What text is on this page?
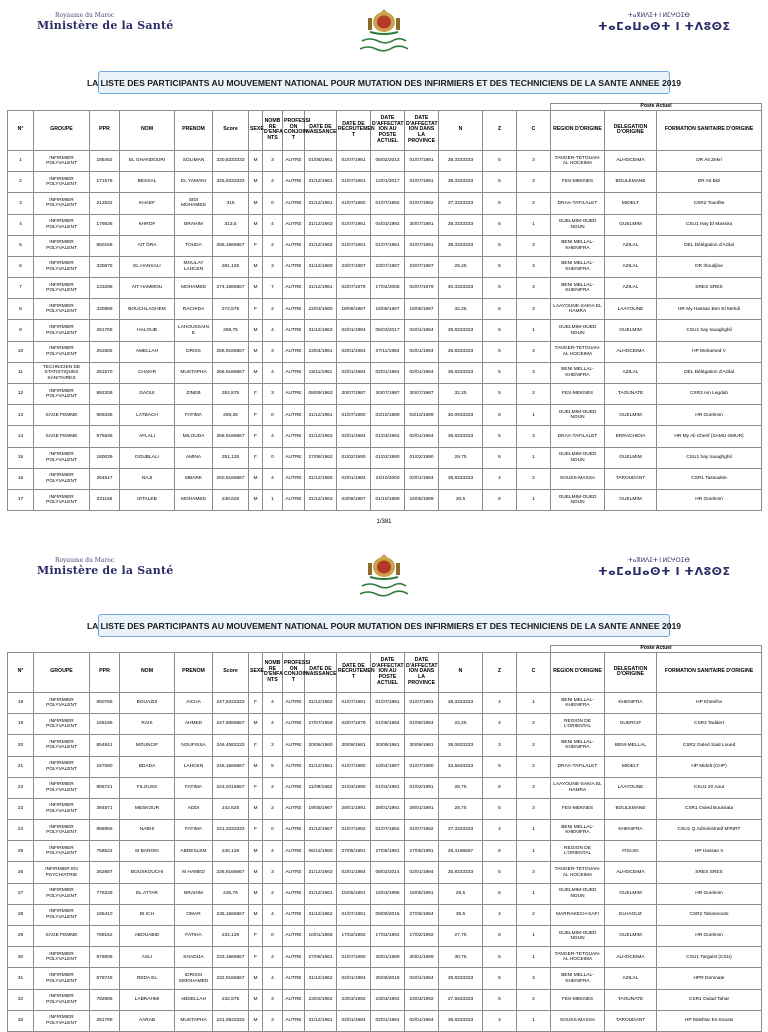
Royaume du Maroc
Ministère de la Santé
ⵜⴰⴳⵍⴷⵉⵜ ⵏ ⵍⵎⵖⵔⵉⴱ
ⵜⴰⵎⴰⵡⴰⵙⵜ ⵏ ⵜⴷⵓⵙⵉ
LA LISTE DES PARTICIPANTS AU MOUVEMENT NATIONAL POUR MUTATION DES INFIRMIERS ET DES TECHNICIENS DE LA SANTE ANNEE 2019
																Poste Actuel		
N°	GROUPE	PPR	NOM	PRENOM	Score	SEXE	NOMB RE D'ENFA NTS	PROFESSI ON CONJOIN T	DATE DE NAISSANCE	DATE DE RECRUTEMEN T	DATE D'AFFECTAT ION AU POSTE ACTUEL	DATE D'AFFECTAT ION DANS LA PROVINCE	N	Z	C	REGION D'ORIGINE	DELEGATION D'ORIGINE	FORMATION SANITAIRE D'ORIGINE
1	INFIRMIER POLYVALENT	185452	EL GHANDOURI	SOLIMAN	330,8333333	M	3	AUTRE	01/08/1961	01/07/1981	05/02/2013	01/07/1981	38,3333333	5	3	TANGER-TETOUAN-AL HOCEIMA	ALHOCEIMA	DR Ait Zekri
2	INFIRMIER POLYVALENT	171575	BESSAL	EL YAMANI	326,8333333	M	4	AUTRE	31/12/1961	01/07/1981	12/01/2017	01/07/1981	38,3333333	5	3	FES-MEKNES	BOULEMANE	DR Ait Bizi
3	INFIRMIER POLYVALENT	212532	KHAEF	SIDI MOHAMED	316	M	0	AUTRE	31/12/1961	01/07/1982	01/07/1982	01/07/1982	37,3333333	5	2	DRAA-TAFILALET	MIDELT	CSR2 Tounfite
4	INFIRMIER POLYVALENT	179836	KHROF	BRAHIM	313,5	M	4	AUTRE	31/12/1963	01/07/1981	04/03/1992	30/07/1981	38,3333333	6	1	GUELMIM-OUED NOUN	GUELMIM	CSU1 Hay El Massira
5	INFIRMIER POLYVALENT	850156	AIT DRA	TOUDA	286,1666667	F	2	AUTRE	31/12/1962	01/07/1981	01/07/1981	01/07/1981	38,3333333	5	3	BENI MELLAL-KHENIFRA	AZILAL	DEL Délégation d'Azilal
6	INFIRMIER POLYVALENT	330875	EL HANSALI	MOULAY LAHCEN	281,125	M	3	AUTRE	31/12/1960	23/07/1987	23/07/1987	23/07/1987	29,25	5	3	BENI MELLAL-KHENIFRA	AZILAL	DR Ihoudjine
7	INFIRMIER POLYVALENT	133298	AIT HAMMOU	MOHAMED	274,1666667	M	7	AUTRE	31/12/1961	02/07/1979	17/04/2006	02/07/1979	40,3333333	5	3	BENI MELLAL-KHENIFRA	AZILAL	SRES SRES
8	INFIRMIER POLYVALENT	330889	BOUCHLAGHEM	RACHIDA	272,875	F	2	AUTRE	22/03/1960	18/08/1987	18/08/1987	18/08/1987	32,25	6	3	LAAYOUNE-SAKIA EL HAMRA	LAAYOUNE	HR My Hassan Ben El Mehdi
9	INFIRMIER POLYVALENT	261765	HALOUB	LAHOUSSAIN E	269,75	M	4	AUTRE	31/12/1963	02/01/1984	06/03/2017	02/01/1984	35,8333333	6	1	GUELMIM-OUED NOUN	GUELMIM	CSU1 hay touaghghil
10	INFIRMIER POLYVALENT	262682	AMELLAH	DRISS	266,9166667	M	3	AUTRE	23/04/1961	02/01/1984	07/11/1984	02/01/1984	35,8333333	5	3	TANGER-TETOUAN-AL HOCEIMA	ALHOCEIMA	HP Mohamed V
11	TECHNICIEN DE STATISTIQUES SANITAIRES	261570	CHAKIR	MUSTAPHA	266,9166667	M	4	AUTRE	15/11/1961	02/01/1984	02/01/1984	02/01/1984	35,8333333	5	3	BENI MELLAL-KHENIFRA	AZILAL	DEL Délégation d'Azilal
12	INFIRMIER POLYVALENT	892208	DAOUI	ZINEB	262,875	F	3	AUTRE	08/09/1963	30/07/1987	30/07/1987	30/07/1987	32,25	5	2	FES-MEKNES	TAOUNATE	CSR2 Ain Legdah
13	SAGE FEMME	969336	LATBACH	FATIMA	259,25	F	0	AUTRE	31/12/1961	01/07/1980	03/10/1989	03/10/1989	30,0833333	6	1	GUELMIM-OUED NOUN	GUELMIM	HR Guelmim
14	SAGE FEMME	875635	AFLALI	MILOUDA	258,9166667	F	4	AUTRE	31/12/1963	02/01/1984	01/03/1992	02/01/1984	35,8333333	5	3	DRAA-TAFILALET	ERRACHIDIA	HR My Ali Cherif (SAMU-SMUR)
15	INFIRMIER POLYVALENT	180039	DOUBLALI	AMINA	251,125	F	0	AUTRE	27/08/1962	01/02/1990	01/02/1990	01/02/1990	29,75	6	1	GUELMIM-OUED NOUN	GUELMIM	CSU1 hay touaghghil
16	INFIRMIER POLYVALENT	264517	NAJI	MBARK	250,9166667	M	4	AUTRE	31/12/1965	02/01/1984	24/10/2000	02/01/1984	35,8333333	4	2	SOUSS-MASSA	TAROUDANT	CSR1 Tassoukte
17	INFIRMIER POLYVALENT	321156	IDTALEB	MOHAMED	248,625	M	1	AUTRE	31/12/1963	03/08/1987	01/10/1989	15/05/1989	30,5	6	1	GUELMIM-OUED NOUN	GUELMIM	HR Guelmim
1/381
Royaume du Maroc
Ministère de la Santé
ⵜⴰⴳⵍⴷⵉⵜ ⵏ ⵍⵎⵖⵔⵉⴱ
ⵜⴰⵎⴰⵡⴰⵙⵜ ⵏ ⵜⴷⵓⵙⵉ
LA LISTE DES PARTICIPANTS AU MOUVEMENT NATIONAL POUR MUTATION DES INFIRMIERS ET DES TECHNICIENS DE LA SANTE ANNEE 2019
																Poste Actuel		
N°	GROUPE	PPR	NOM	PRENOM	Score	SEXE	NOMB RE D'ENFA NTS	PROFESSI ON CONJOIN T	DATE DE NAISSANCE	DATE DE RECRUTEMEN T	DATE D'AFFECTAT ION AU POSTE ACTUEL	DATE D'AFFECTAT ION DANS LA PROVINCE	N	Z	C	REGION D'ORIGINE	DELEGATION D'ORIGINE	FORMATION SANITAIRE D'ORIGINE
18	INFIRMIER POLYVALENT	850765	BOUAZIZ	AICHA	247,8333333	F	4	AUTRE	31/12/1962	01/07/1981	01/07/1981	01/07/1981	38,3333333	4	1	BENI MELLAL-KHENIFRA	KHENIFRA	HP Khenifra
19	INFIRMIER POLYVALENT	156195	RAIS	AHMED	247,6666667	M	4	AUTRE	27/07/1959	02/07/1979	01/08/1984	01/08/1984	22,25	4	2	REGION DE L'ORIENTAL	GUERCIF	CSR2 Taddert
20	INFIRMIER POLYVALENT	854841	MOUNCIF	NOUFISSA	246,4583333	F	2	AUTRE	20/06/1960	30/09/1981	30/09/1981	30/09/1981	38,0833333	3	2	BENI MELLAL-KHENIFRA	BENI-MELLAL	CSR2 Ouled Said Loued
21	INFIRMIER POLYVALENT	157080	BDADA	LAHCEN	246,1666667	M	5	AUTRE	31/12/1961	01/07/1980	10/04/1987	01/07/1980	32,5833333	5	2	DRAA-TAFILALET	MIDELT	HP Midelt (CHP)
22	INFIRMIER POLYVALENT	896721	FILOUSS	FATIMA	243,0416667	F	2	AUTRE	11/09/1962	21/03/1990	01/02/1991	01/02/1991	28,75	6	3	LAAYOUNE-SAKIA EL HAMRA	LAAYOUNE	CSU1 20 Aout
23	INFIRMIER POLYVALENT	394871	MESKOUR	ADDI	242,625	M	2	AUTRE	19/05/1967	28/01/1991	28/01/1991	28/01/1991	28,75	5	3	FES-MEKNES	BOULEMANE	CSR1 Ouled Boussata
24	INFIRMIER POLYVALENT	858955	NABHI	FATIMA	241,3333333	F	0	AUTRE	31/12/1967	01/07/1982	01/07/1982	01/07/1982	37,3333333	4	1	BENI MELLAL-KHENIFRA	KHENIFRA	CSU1 Q.Administratif M'RIRT
25	INFIRMIER POLYVALENT	758522	M BAROKI	ABDESLEM	240,125	M	4	AUTRE	06/12/1960	27/05/1991	27/05/1991	27/05/1991	28,4166667	6	1	REGION DE L'ORIENTAL	FIGUIG	HP Hassan II
26	INFIRMIER EN PSYCHIATRIE	262687	BOUSKOUCHI	M HAMED	236,9166667	M	3	AUTRE	31/12/1963	02/01/1984	08/03/2014	02/01/1984	35,8333333	5	3	TANGER-TETOUAN-AL HOCEIMA	ALHOCEIMA	SRES SRES
27	INFIRMIER POLYVALENT	776229	EL ATTAR	BRAHIM	236,75	M	2	AUTRE	31/12/1961	15/05/1991	16/03/1995	15/05/1991	28,5	6	1	GUELMIM-OUED NOUN	GUELMIM	HR Guelmim
28	INFIRMIER POLYVALENT	185410	BI ICH	OMAR	235,1666667	M	4	AUTRE	31/12/1962	01/07/1981	09/09/2015	27/06/1984	35,5	4	2	MARRAKECH-SAFI	ELHAOUZ	CSR2 Tahannoute
29	SAGE FEMME	789162	ABOUABID	FATIHA	234,125	F	0	AUTRE	10/01/1968	17/02/1992	17/02/1992	17/02/1992	27,75	6	1	GUELMIM-OUED NOUN	GUELMIM	HR Guelmim
30	INFIRMIER POLYVALENT	976005	ASLI	KHADIJA	233,1666667	F	4	AUTRE	27/08/1961	01/07/1980	30/01/1989	30/01/1989	30,75	5	1	TANGER-TETOUAN-AL HOCEIMA	ALHOCEIMA	CSU1 Targuist (CSU)
31	INFIRMIER POLYVALENT	878745	REDA EL	IDRISSI SIMOHAMED	232,9166667	M	4	AUTRE	31/12/1962	02/01/1984	25/05/2018	02/01/1984	35,8333333	5	3	BENI MELLAL-KHENIFRA	AZILAL	HPR Demnate
32	INFIRMIER POLYVALENT	782986	LABRAHMI	ABDELLAH	232,875	M	3	AUTRE	23/03/1962	23/03/1992	23/03/1992	23/03/1992	27,5833333	5	2	FES-MEKNES	TAOUNATE	CSR1 Oulad Tahar
33	INFIRMIER POLYVALENT	261789	AARAB	MUSTAPHA	231,0833333	M	3	AUTRE	31/12/1961	02/01/1984	02/01/1984	02/01/1984	35,8333333	4	1	SOUSS-MASSA	TAROUDANT	HP Mokhtar Es-Soussi
